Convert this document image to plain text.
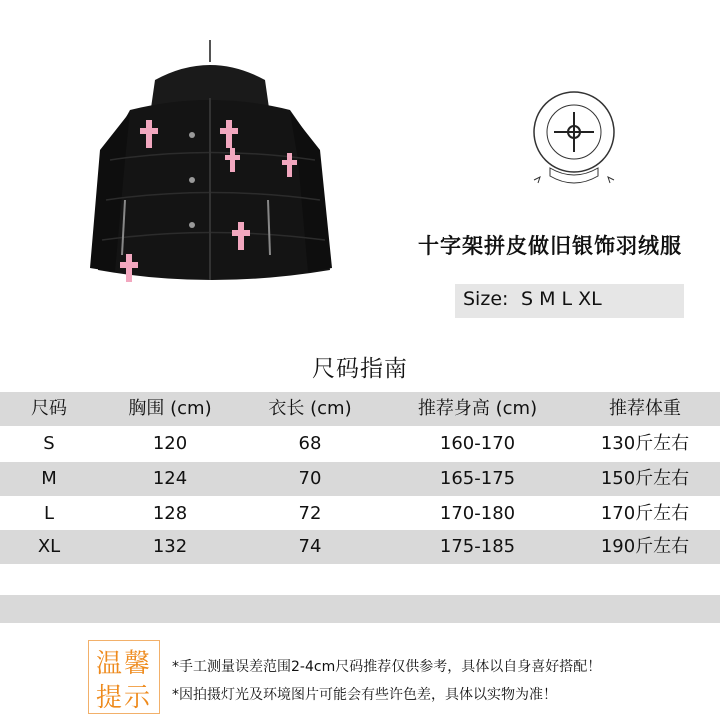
十字架拼皮做旧银饰羽绒服
Size: S M L XL
尺码指南
尺码	胸围 (cm)	衣长 (cm)	推荐身高 (cm)	推荐体重
S	120	68	160-170	130斤左右
M	124	70	165-175	150斤左右
L	128	72	170-180	170斤左右
XL	132	74	175-185	190斤左右
温馨
提示
*手工测量误差范围2-4cm尺码推荐仅供参考，具体以自身喜好搭配！
*因拍摄灯光及环境图片可能会有些许色差，具体以实物为准！
